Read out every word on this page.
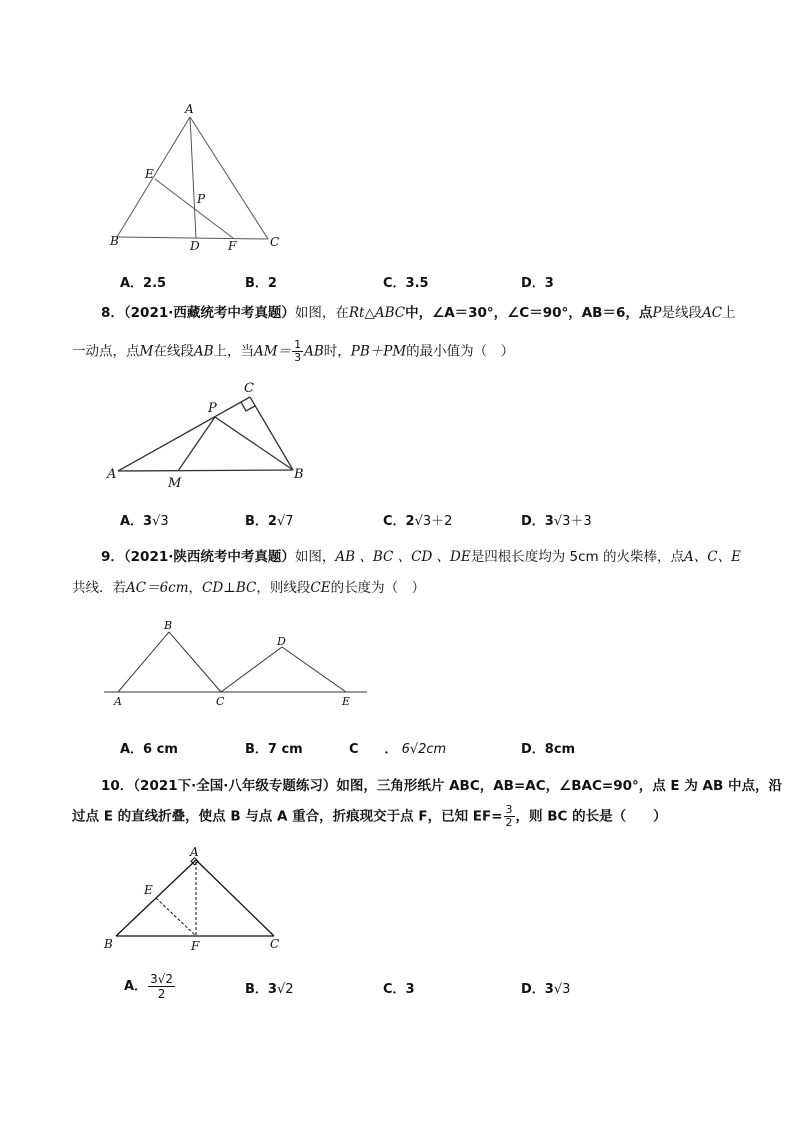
A
E
P
B	D F	C
A．2.5	B．2	C．3.5	D．3
8．（2021·西藏统考中考真题）如图，在Rt△ABC中，∠A＝30°，∠C＝90°，AB＝6，点P是线段AC上
一动点，点M在线段AB上，当$AM= \frac{1}{3}$ AB时，PB＋PM的最小值为（　）
A
M
P
C
B
A．3√3	B．2√7	C．2√3＋2	D．3√3＋3
9．（2021·陕西统考中考真题）如图，AB 、BC 、CD 、DE是四根长度均为 5cm 的火柴棒，点A、C、E
共线．若AC＝6cm，CD⊥BC，则线段CE的长度为（　）
B
D
A	C	E
A．6 cm	B．7 cm	C ． 6√2cm	D．8cm
10．（2021下·全国·八年级专题练习）如图，三角形纸片 ABC，AB=AC，∠BAC=90°，点 E 为 AB 中点，沿
过点 E 的直线折叠，使点 B 与点 A 重合，折痕现交于点 F，已知 $EF= \frac{3}{2}$ ，则 BC 的长是（　　）
A
E
B	F	C
A． $\frac{3√2}{2}$	B．3√2	C．3	D．3√3
